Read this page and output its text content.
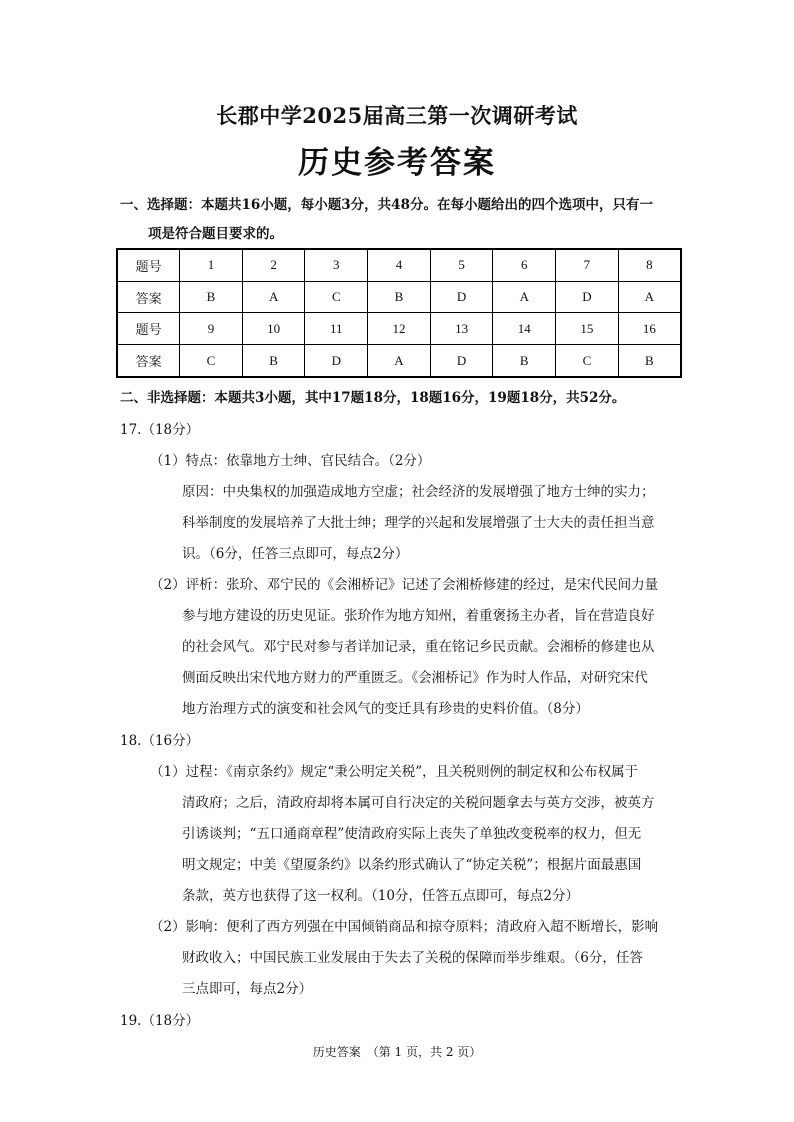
长郡中学2025届高三第一次调研考试
历史参考答案
一、选择题：本题共16小题，每小题3分，共48分。在每小题给出的四个选项中，只有一
项是符合题目要求的。
题号	1	2	3	4	5	6	7	8
答案	B	A	C	B	D	A	D	A
题号	9	10	11	12	13	14	15	16
答案	C	B	D	A	D	B	C	B
二、非选择题：本题共3小题，其中17题18分，18题16分，19题18分，共52分。
17.（18分）
（1）特点：依靠地方士绅、官民结合。（2分）
原因：中央集权的加强造成地方空虚；社会经济的发展增强了地方士绅的实力；
科举制度的发展培养了大批士绅；理学的兴起和发展增强了士大夫的责任担当意
识。（6分，任答三点即可，每点2分）
（2）评析：张玠、邓宁民的《会湘桥记》记述了会湘桥修建的经过，是宋代民间力量
参与地方建设的历史见证。张玠作为地方知州，着重褒扬主办者，旨在营造良好
的社会风气。邓宁民对参与者详加记录，重在铭记乡民贡献。会湘桥的修建也从
侧面反映出宋代地方财力的严重匮乏。《会湘桥记》作为时人作品，对研究宋代
地方治理方式的演变和社会风气的变迁具有珍贵的史料价值。（8分）
18.（16分）
（1）过程：《南京条约》规定“秉公明定关税”，且关税则例的制定权和公布权属于
清政府；之后，清政府却将本属可自行决定的关税问题拿去与英方交涉，被英方
引诱谈判；“五口通商章程”使清政府实际上丧失了单独改变税率的权力，但无
明文规定；中美《望厦条约》以条约形式确认了“协定关税”；根据片面最惠国
条款，英方也获得了这一权利。（10分，任答五点即可，每点2分）
（2）影响：便利了西方列强在中国倾销商品和掠夺原料；清政府入超不断增长，影响
财政收入；中国民族工业发展由于失去了关税的保障而举步维艰。（6分，任答
三点即可，每点2分）
19.（18分）
历史答案　（第 1 页，共 2 页）
